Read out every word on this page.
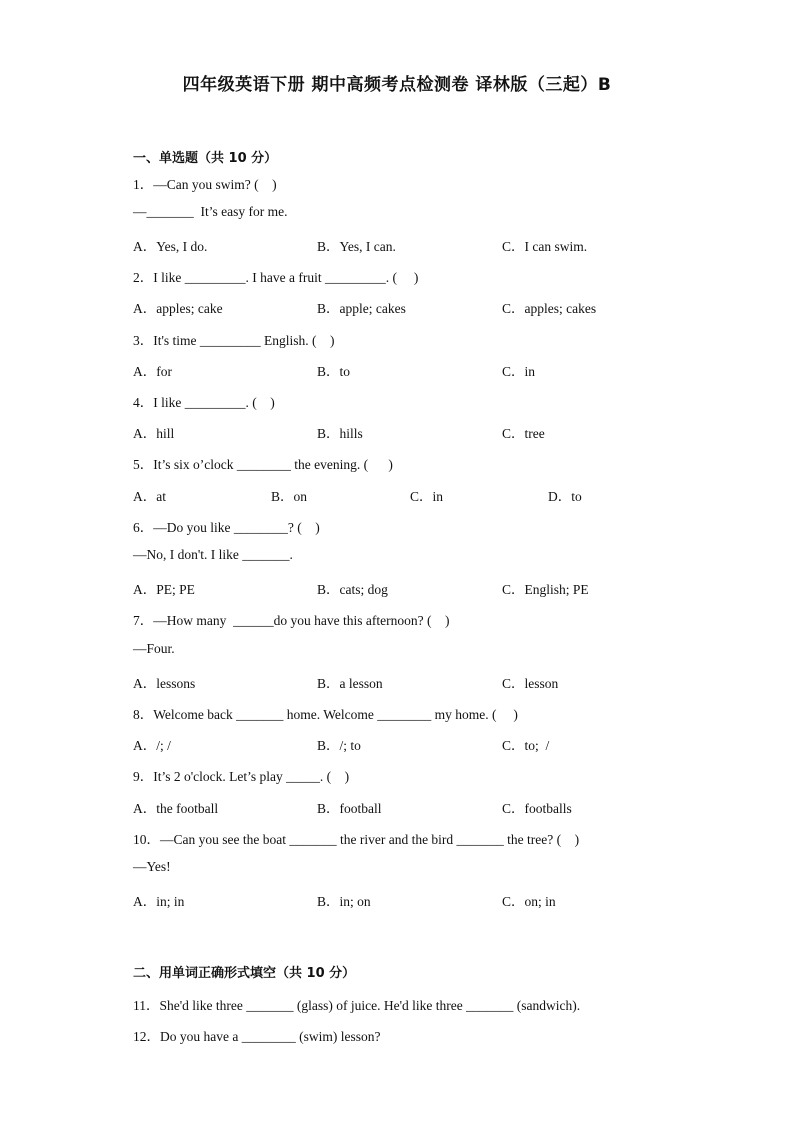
四年级英语下册 期中高频考点检测卷 译林版（三起）B
一、单选题（共 10 分）
1．—Can you swim? (    )
—_______  It’s easy for me.
A．Yes, I do.	B．Yes, I can.	C．I can swim.
2．I like _________. I have a fruit _________. (     )
A．apples; cake	B．apple; cakes	C．apples; cakes
3．It's time _________ English. (    )
A．for	B．to	C．in
4．I like _________. (    )
A．hill	B．hills	C．tree
5．It’s six o’clock ________ the evening. (      )
A．at	B．on	C．in	D．to
6．—Do you like ________? (    )
—No, I don't. I like _______.
A．PE; PE	B．cats; dog	C．English; PE
7．—How many  ______do you have this afternoon? (    )
—Four.
A．lessons	B．a lesson	C．lesson
8．Welcome back _______ home. Welcome ________ my home. (     )
A．/; /	B．/; to	C．to;  /
9．It’s 2 o'clock. Let’s play _____. (    )
A．the football	B．football	C．footballs
10．—Can you see the boat _______ the river and the bird _______ the tree? (    )
—Yes!
A．in; in	B．in; on	C．on; in
二、用单词正确形式填空（共 10 分）
11．She'd like three _______ (glass) of juice. He'd like three _______ (sandwich).
12．Do you have a ________ (swim) lesson?
